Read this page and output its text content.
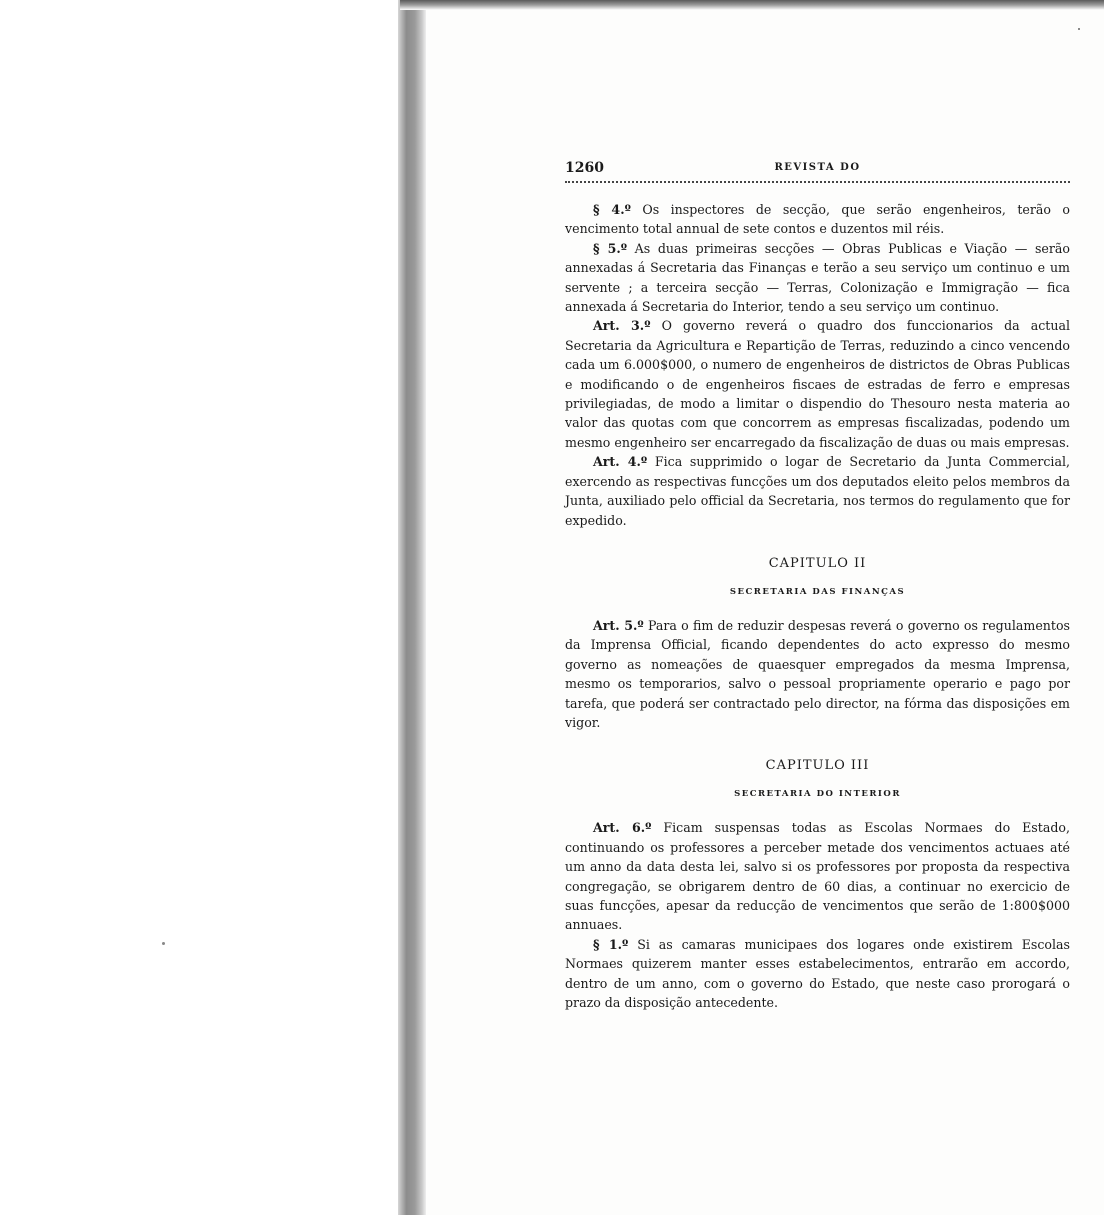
1260	REVISTA DO

§ 4.º Os inspectores de secção, que serão engenheiros, terão o vencimento total annual de sete contos e duzentos mil réis.

§ 5.º As duas primeiras secções — Obras Publicas e Viação — serão annexadas á Secretaria das Finanças e terão a seu serviço um continuo e um servente ; a terceira secção — Terras, Colonização e Immigração — fica annexada á Secretaria do Interior, tendo a seu serviço um continuo.

Art. 3.º O governo reverá o quadro dos funccionarios da actual Secretaria da Agricultura e Repartição de Terras, reduzindo a cinco vencendo cada um 6.000$000, o numero de engenheiros de districtos de Obras Publicas e modificando o de engenheiros fiscaes de estradas de ferro e empresas privilegiadas, de modo a limitar o dispendio do Thesouro nesta materia ao valor das quotas com que concorrem as empresas fiscalizadas, podendo um mesmo engenheiro ser encarregado da fiscalização de duas ou mais empresas.

Art. 4.º Fica supprimido o logar de Secretario da Junta Commercial, exercendo as respectivas funcções um dos deputados eleito pelos membros da Junta, auxiliado pelo official da Secretaria, nos termos do regulamento que for expedido.

CAPITULO II

SECRETARIA DAS FINANÇAS

Art. 5.º Para o fim de reduzir despesas reverá o governo os regulamentos da Imprensa Official, ficando dependentes do acto expresso do mesmo governo as nomeações de quaesquer empregados da mesma Imprensa, mesmo os temporarios, salvo o pessoal propriamente operario e pago por tarefa, que poderá ser contractado pelo director, na fórma das disposições em vigor.

CAPITULO III

SECRETARIA DO INTERIOR

Art. 6.º Ficam suspensas todas as Escolas Normaes do Estado, continuando os professores a perceber metade dos vencimentos actuaes até um anno da data desta lei, salvo si os professores por proposta da respectiva congregação, se obrigarem dentro de 60 dias, a continuar no exercicio de suas funcções, apesar da reducção de vencimentos que serão de 1:800$000 annuaes.

§ 1.º Si as camaras municipaes dos logares onde existirem Escolas Normaes quizerem manter esses estabelecimentos, entrarão em accordo, dentro de um anno, com o governo do Estado, que neste caso prorogará o prazo da disposição antecedente.
